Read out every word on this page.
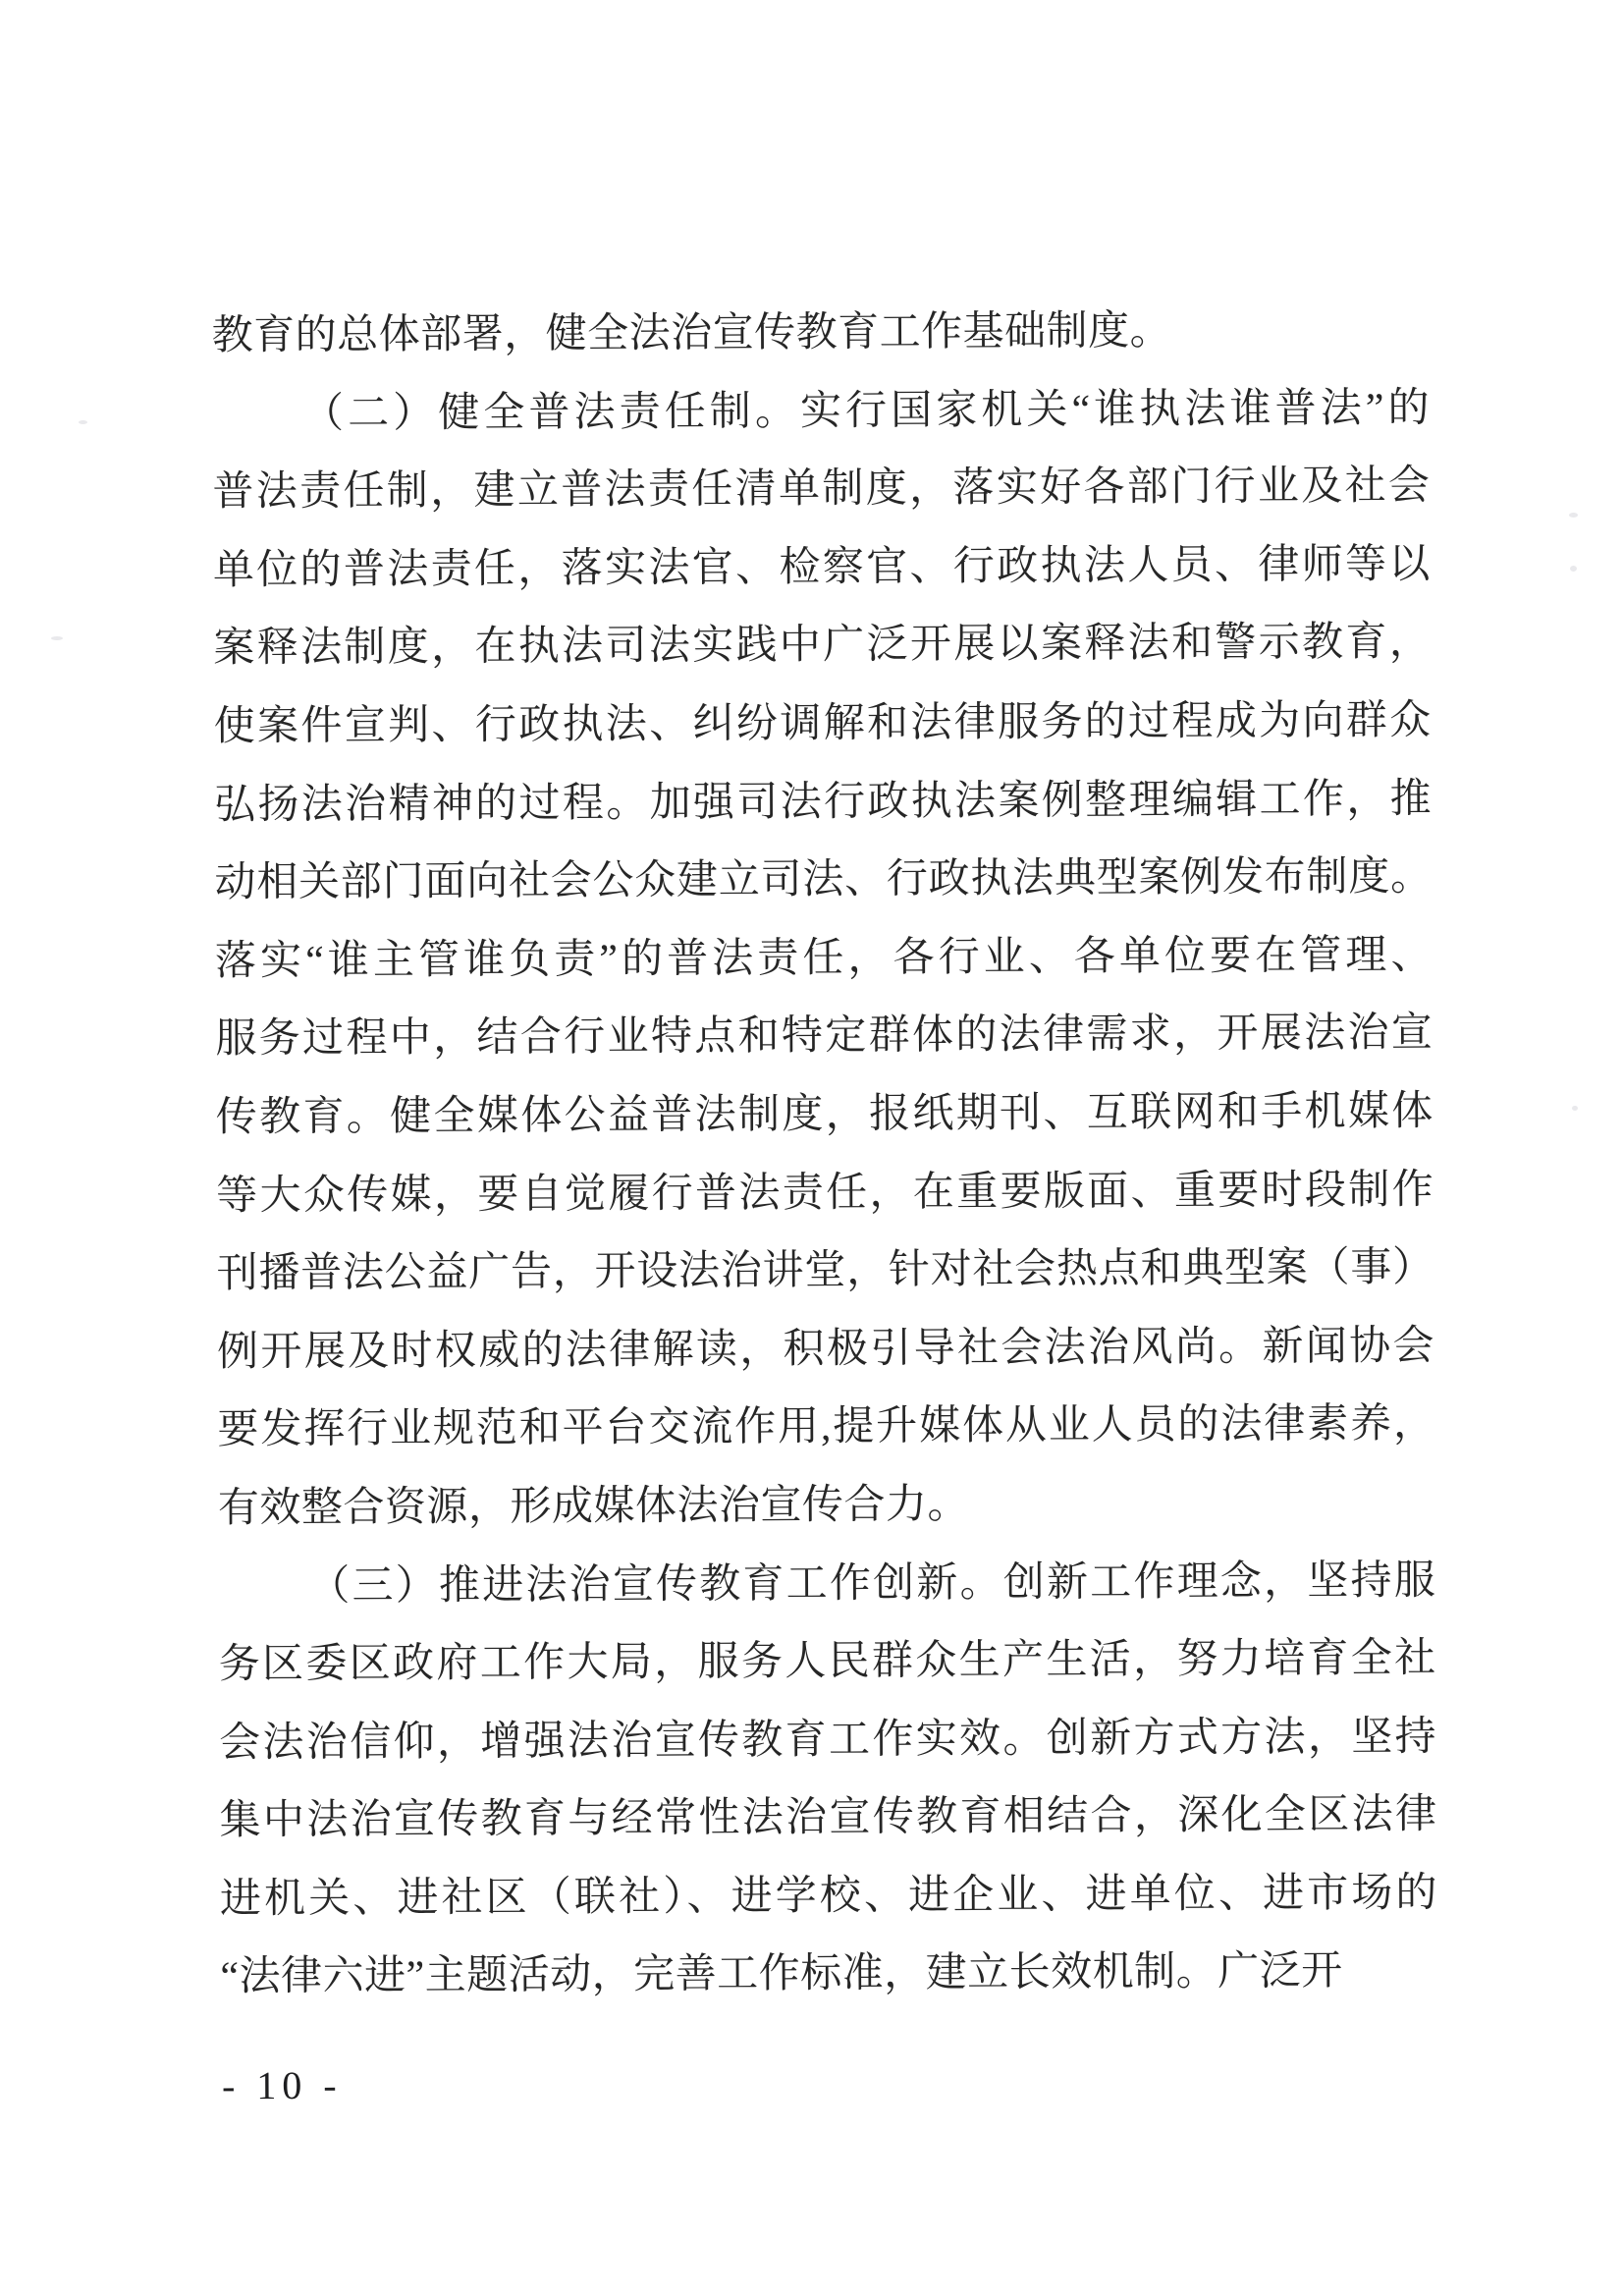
教育的总体部署，健全法治宣传教育工作基础制度。
（二）健全普法责任制。实行国家机关“谁执法谁普法”的
普法责任制，建立普法责任清单制度，落实好各部门行业及社会
单位的普法责任，落实法官、检察官、行政执法人员、律师等以
案释法制度，在执法司法实践中广泛开展以案释法和警示教育，
使案件宣判、行政执法、纠纷调解和法律服务的过程成为向群众
弘扬法治精神的过程。加强司法行政执法案例整理编辑工作，推
动相关部门面向社会公众建立司法、行政执法典型案例发布制度。
落实“谁主管谁负责”的普法责任，各行业、各单位要在管理、
服务过程中，结合行业特点和特定群体的法律需求，开展法治宣
传教育。健全媒体公益普法制度，报纸期刊、互联网和手机媒体
等大众传媒，要自觉履行普法责任，在重要版面、重要时段制作
刊播普法公益广告，开设法治讲堂，针对社会热点和典型案（事）
例开展及时权威的法律解读，积极引导社会法治风尚。新闻协会
要发挥行业规范和平台交流作用,提升媒体从业人员的法律素养，
有效整合资源，形成媒体法治宣传合力。
（三）推进法治宣传教育工作创新。创新工作理念，坚持服
务区委区政府工作大局，服务人民群众生产生活，努力培育全社
会法治信仰，增强法治宣传教育工作实效。创新方式方法，坚持
集中法治宣传教育与经常性法治宣传教育相结合，深化全区法律
进机关、进社区（联社）、进学校、进企业、进单位、进市场的
“法律六进”主题活动，完善工作标准，建立长效机制。广泛开
- 10 -
